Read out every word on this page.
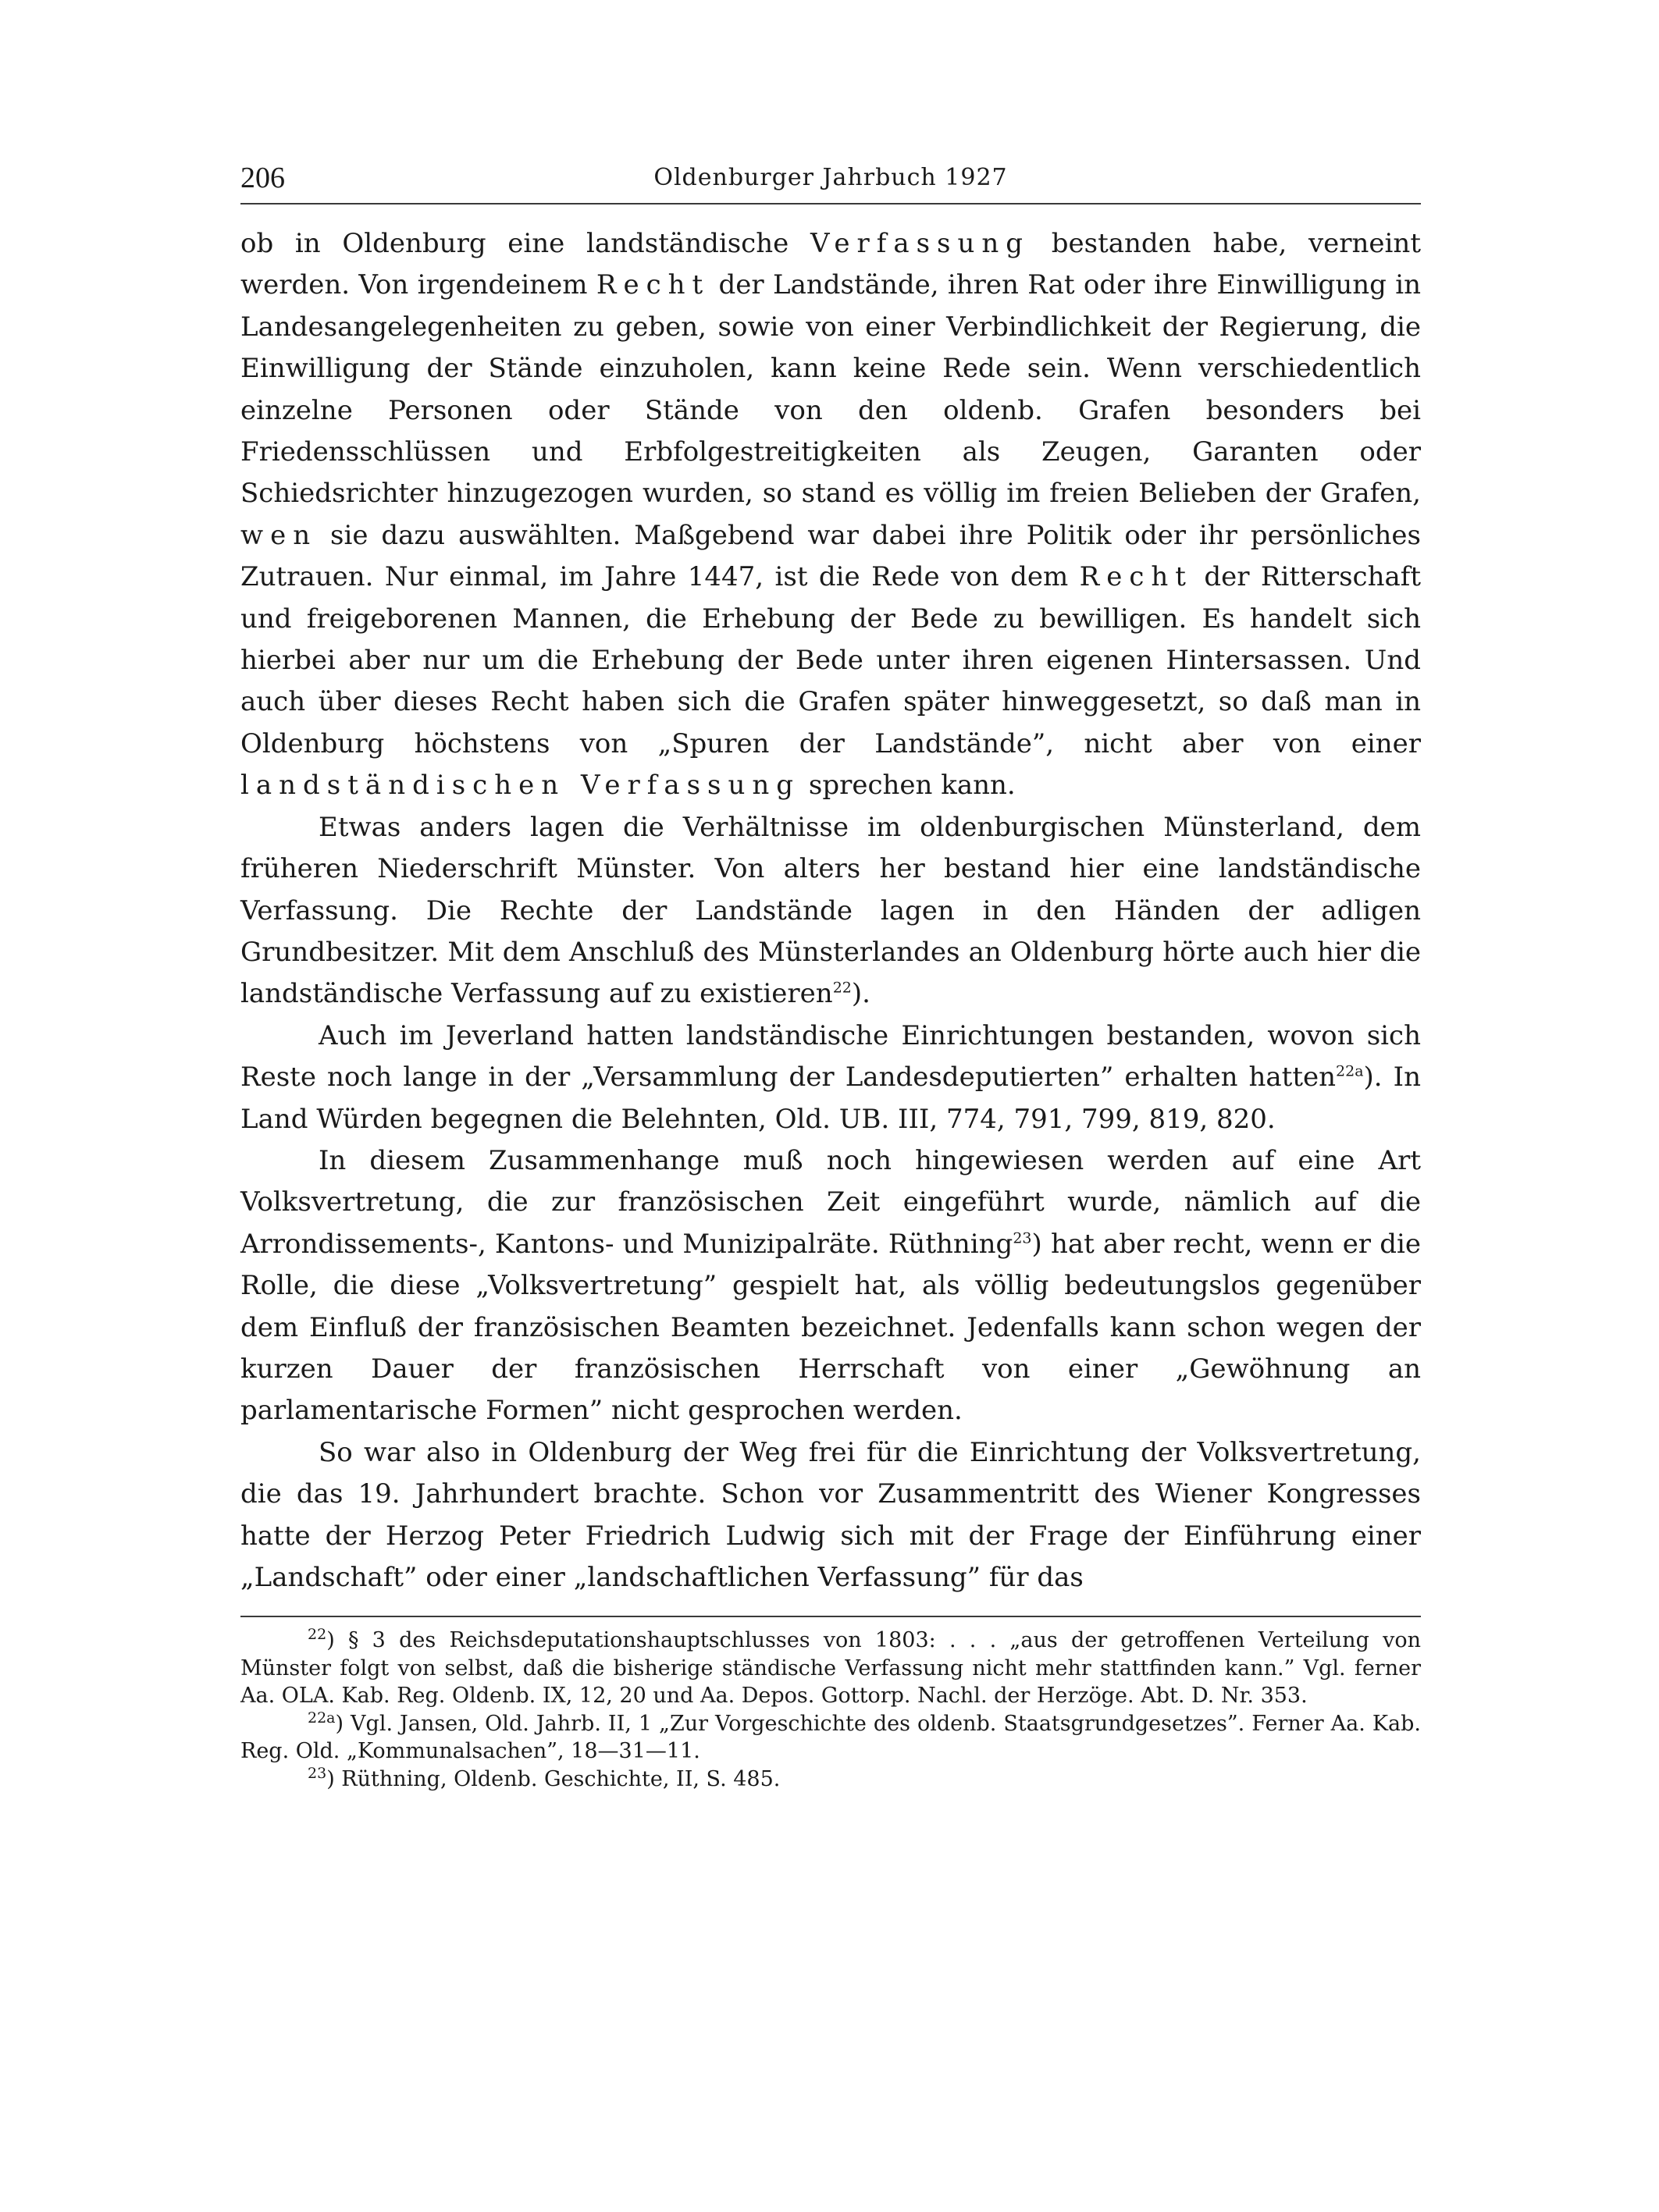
206	Oldenburger Jahrbuch 1927

ob in Oldenburg eine landständische Verfassung bestanden habe, verneint werden. Von irgendeinem Recht der Landstände, ihren Rat oder ihre Einwilligung in Landesangelegenheiten zu geben, sowie von einer Verbindlichkeit der Regierung, die Einwilligung der Stände einzuholen, kann keine Rede sein. Wenn verschiedentlich einzelne Personen oder Stände von den oldenb. Grafen besonders bei Friedensschlüssen und Erbfolgestreitigkeiten als Zeugen, Garanten oder Schiedsrichter hinzugezogen wurden, so stand es völlig im freien Belieben der Grafen, wen sie dazu auswählten. Maßgebend war dabei ihre Politik oder ihr persönliches Zutrauen. Nur einmal, im Jahre 1447, ist die Rede von dem Recht der Ritterschaft und freigeborenen Mannen, die Erhebung der Bede zu bewilligen. Es handelt sich hierbei aber nur um die Erhebung der Bede unter ihren eigenen Hintersassen. Und auch über dieses Recht haben sich die Grafen später hinweggesetzt, so daß man in Oldenburg höchstens von „Spuren der Landstände”, nicht aber von einer landständischen Verfassung sprechen kann.

Etwas anders lagen die Verhältnisse im oldenburgischen Münsterland, dem früheren Niederschrift Münster. Von alters her bestand hier eine landständische Verfassung. Die Rechte der Landstände lagen in den Händen der adligen Grundbesitzer. Mit dem Anschluß des Münsterlandes an Oldenburg hörte auch hier die landständische Verfassung auf zu existieren$^{22}$).

Auch im Jeverland hatten landständische Einrichtungen bestanden, wovon sich Reste noch lange in der „Versammlung der Landesdeputierten” erhalten hatten$^{22a}$). In Land Würden begegnen die Belehnten, Old. UB. III, 774, 791, 799, 819, 820.

In diesem Zusammenhange muß noch hingewiesen werden auf eine Art Volksvertretung, die zur französischen Zeit eingeführt wurde, nämlich auf die Arrondissements-, Kantons- und Munizipalräte. Rüthning$^{23}$) hat aber recht, wenn er die Rolle, die diese „Volksvertretung” gespielt hat, als völlig bedeutungslos gegenüber dem Einfluß der französischen Beamten bezeichnet. Jedenfalls kann schon wegen der kurzen Dauer der französischen Herrschaft von einer „Gewöhnung an parlamentarische Formen” nicht gesprochen werden.

So war also in Oldenburg der Weg frei für die Einrichtung der Volksvertretung, die das 19. Jahrhundert brachte. Schon vor Zusammentritt des Wiener Kongresses hatte der Herzog Peter Friedrich Ludwig sich mit der Frage der Einführung einer „Landschaft” oder einer „landschaftlichen Verfassung” für das

$^{22}$) § 3 des Reichsdeputationshauptschlusses von 1803: . . . „aus der getroffenen Verteilung von Münster folgt von selbst, daß die bisherige ständische Verfassung nicht mehr stattfinden kann.” Vgl. ferner Aa. OLA. Kab. Reg. Oldenb. IX, 12, 20 und Aa. Depos. Gottorp. Nachl. der Herzöge. Abt. D. Nr. 353.

$^{22a}$) Vgl. Jansen, Old. Jahrb. II, 1 „Zur Vorgeschichte des oldenb. Staatsgrundgesetzes”. Ferner Aa. Kab. Reg. Old. „Kommunalsachen”, 18—31—11.

$^{23}$) Rüthning, Oldenb. Geschichte, II, S. 485.
